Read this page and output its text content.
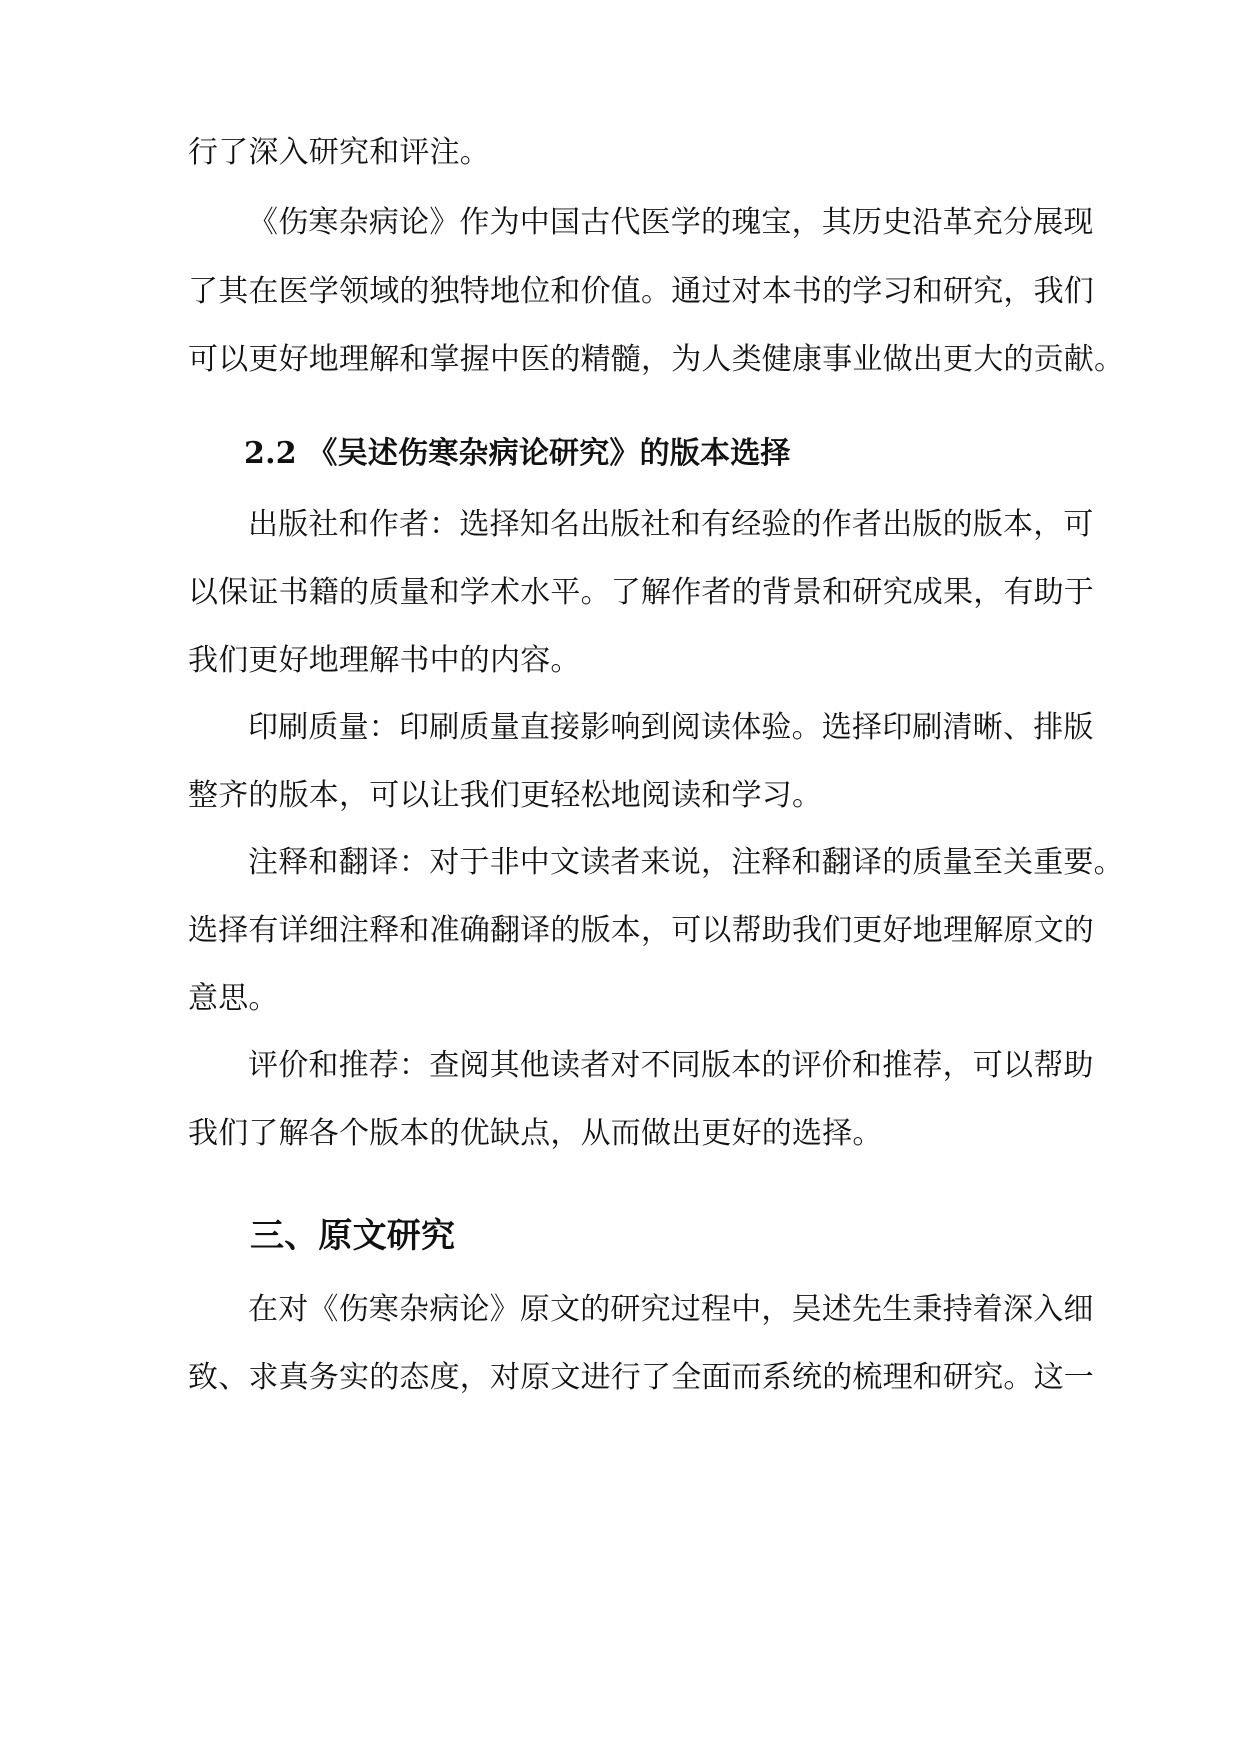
行了深入研究和评注。
《伤寒杂病论》作为中国古代医学的瑰宝，其历史沿革充分展现
了其在医学领域的独特地位和价值。通过对本书的学习和研究，我们
可以更好地理解和掌握中医的精髓，为人类健康事业做出更大的贡献。
2.2 《吴述伤寒杂病论研究》的版本选择
出版社和作者：选择知名出版社和有经验的作者出版的版本，可
以保证书籍的质量和学术水平。了解作者的背景和研究成果，有助于
我们更好地理解书中的内容。
印刷质量：印刷质量直接影响到阅读体验。选择印刷清晰、排版
整齐的版本，可以让我们更轻松地阅读和学习。
注释和翻译：对于非中文读者来说，注释和翻译的质量至关重要。
选择有详细注释和准确翻译的版本，可以帮助我们更好地理解原文的
意思。
评价和推荐：查阅其他读者对不同版本的评价和推荐，可以帮助
我们了解各个版本的优缺点，从而做出更好的选择。
三、原文研究
在对《伤寒杂病论》原文的研究过程中，吴述先生秉持着深入细
致、求真务实的态度，对原文进行了全面而系统的梳理和研究。这一
